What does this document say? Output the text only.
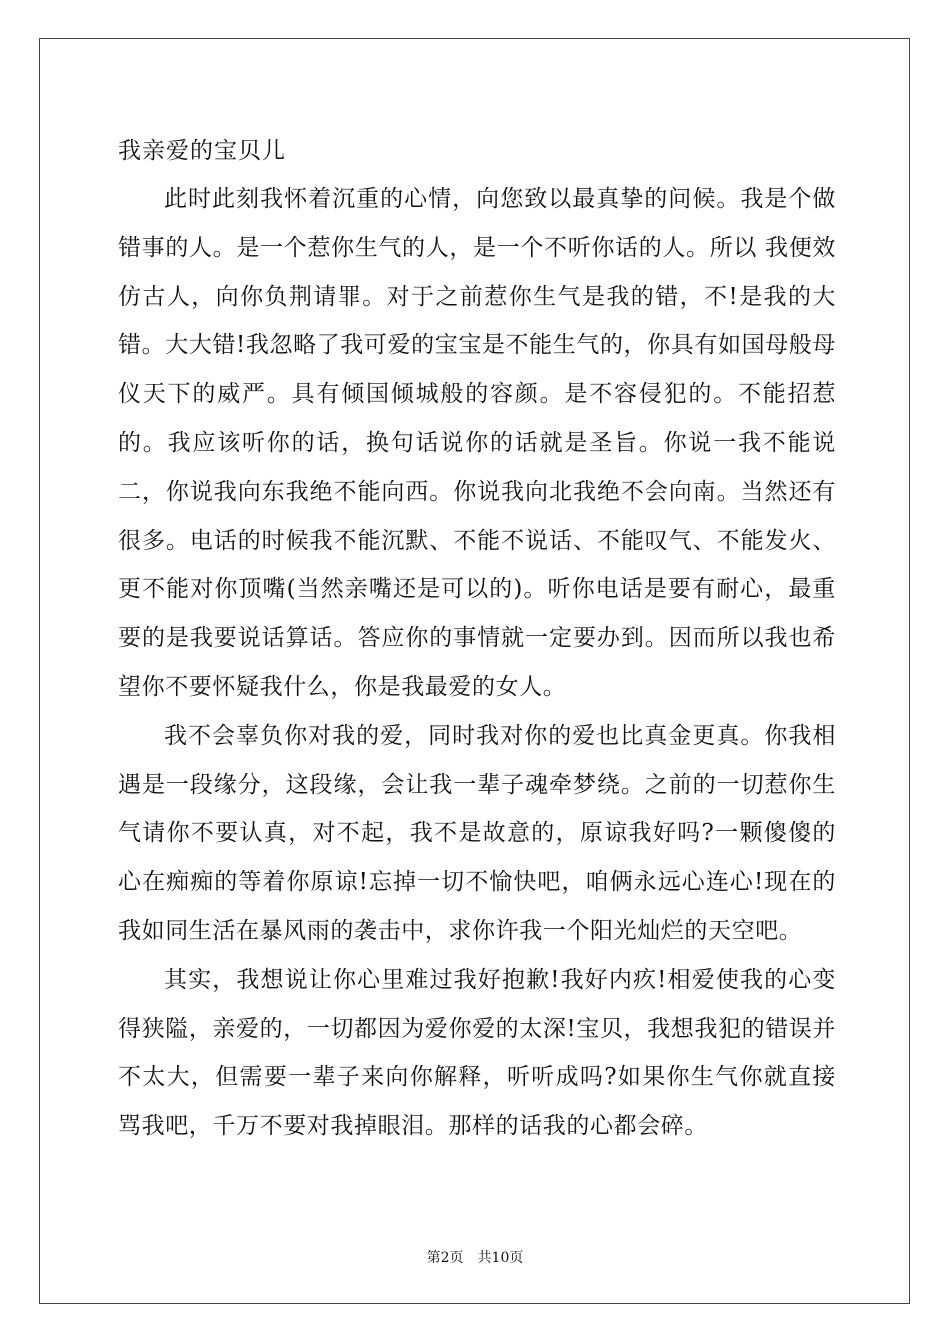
我亲爱的宝贝儿

此时此刻我怀着沉重的心情，向您致以最真挚的问候。我是个做错事的人。是一个惹你生气的人，是一个不听你话的人。所以 我便效仿古人，向你负荆请罪。对于之前惹你生气是我的错，不!是我的大错。大大错!我忽略了我可爱的宝宝是不能生气的，你具有如国母般母仪天下的威严。具有倾国倾城般的容颜。是不容侵犯的。不能招惹的。我应该听你的话，换句话说你的话就是圣旨。你说一我不能说二，你说我向东我绝不能向西。你说我向北我绝不会向南。当然还有很多。电话的时候我不能沉默、不能不说话、不能叹气、不能发火、更不能对你顶嘴(当然亲嘴还是可以的)。听你电话是要有耐心，最重要的是我要说话算话。答应你的事情就一定要办到。因而所以我也希望你不要怀疑我什么，你是我最爱的女人。

我不会辜负你对我的爱，同时我对你的爱也比真金更真。你我相遇是一段缘分，这段缘，会让我一辈子魂牵梦绕。之前的一切惹你生气请你不要认真，对不起，我不是故意的，原谅我好吗?一颗傻傻的心在痴痴的等着你原谅!忘掉一切不愉快吧，咱俩永远心连心!现在的我如同生活在暴风雨的袭击中，求你许我一个阳光灿烂的天空吧。

其实，我想说让你心里难过我好抱歉!我好内疚!相爱使我的心变得狭隘，亲爱的，一切都因为爱你爱的太深!宝贝，我想我犯的错误并不太大，但需要一辈子来向你解释，听听成吗?如果你生气你就直接骂我吧，千万不要对我掉眼泪。那样的话我的心都会碎。

第2页 共10页
